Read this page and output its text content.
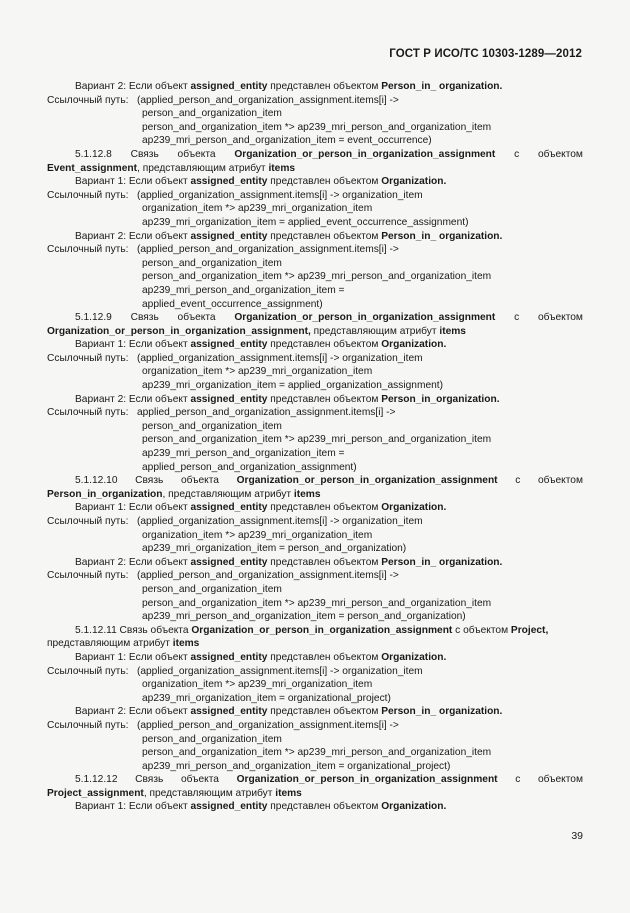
ГОСТ Р ИСО/ТС 10303-1289—2012
Вариант 2: Если объект assigned_entity представлен объектом Person_in_ organization.
Ссылочный путь:   (applied_person_and_organization_assignment.items[i] ->
person_and_organization_item
person_and_organization_item *> ap239_mri_person_and_organization_item
ap239_mri_person_and_organization_item = event_occurrence)
5.1.12.8 Связь объекта Organization_or_person_in_organization_assignment с объектом
Event_assignment, представляющим атрибут items
Вариант 1: Если объект assigned_entity представлен объектом Organization.
Ссылочный путь:   (applied_organization_assignment.items[i] -> organization_item
organization_item *> ap239_mri_organization_item
ap239_mri_organization_item = applied_event_occurrence_assignment)
Вариант 2: Если объект assigned_entity представлен объектом Person_in_ organization.
Ссылочный путь:   (applied_person_and_organization_assignment.items[i] ->
person_and_organization_item
person_and_organization_item *> ap239_mri_person_and_organization_item
ap239_mri_person_and_organization_item =
applied_event_occurrence_assignment)
5.1.12.9 Связь объекта Organization_or_person_in_organization_assignment с объектом
Organization_or_person_in_organization_assignment, представляющим атрибут items
Вариант 1: Если объект assigned_entity представлен объектом Organization.
Ссылочный путь:   (applied_organization_assignment.items[i] -> organization_item
organization_item *> ap239_mri_organization_item
ap239_mri_organization_item = applied_organization_assignment)
Вариант 2: Если объект assigned_entity представлен объектом Person_in_organization.
Ссылочный путь:   applied_person_and_organization_assignment.items[i] ->
person_and_organization_item
person_and_organization_item *> ap239_mri_person_and_organization_item
ap239_mri_person_and_organization_item =
applied_person_and_organization_assignment)
5.1.12.10 Связь объекта Organization_or_person_in_organization_assignment с объектом
Person_in_organization, представляющим атрибут items
Вариант 1: Если объект assigned_entity представлен объектом Organization.
Ссылочный путь:   (applied_organization_assignment.items[i] -> organization_item
organization_item *> ap239_mri_organization_item
ap239_mri_organization_item = person_and_organization)
Вариант 2: Если объект assigned_entity представлен объектом Person_in_ organization.
Ссылочный путь:   (applied_person_and_organization_assignment.items[i] ->
person_and_organization_item
person_and_organization_item *> ap239_mri_person_and_organization_item
ap239_mri_person_and_organization_item = person_and_organization)
5.1.12.11 Связь объекта Organization_or_person_in_organization_assignment с объектом Project,
представляющим атрибут items
Вариант 1: Если объект assigned_entity представлен объектом Organization.
Ссылочный путь:   (applied_organization_assignment.items[i] -> organization_item
organization_item *> ap239_mri_organization_item
ap239_mri_organization_item = organizational_project)
Вариант 2: Если объект assigned_entity представлен объектом Person_in_ organization.
Ссылочный путь:   (applied_person_and_organization_assignment.items[i] ->
person_and_organization_item
person_and_organization_item *> ap239_mri_person_and_organization_item
ap239_mri_person_and_organization_item = organizational_project)
5.1.12.12 Связь объекта Organization_or_person_in_organization_assignment с объектом
Project_assignment, представляющим атрибут items
Вариант 1: Если объект assigned_entity представлен объектом Organization.
39
